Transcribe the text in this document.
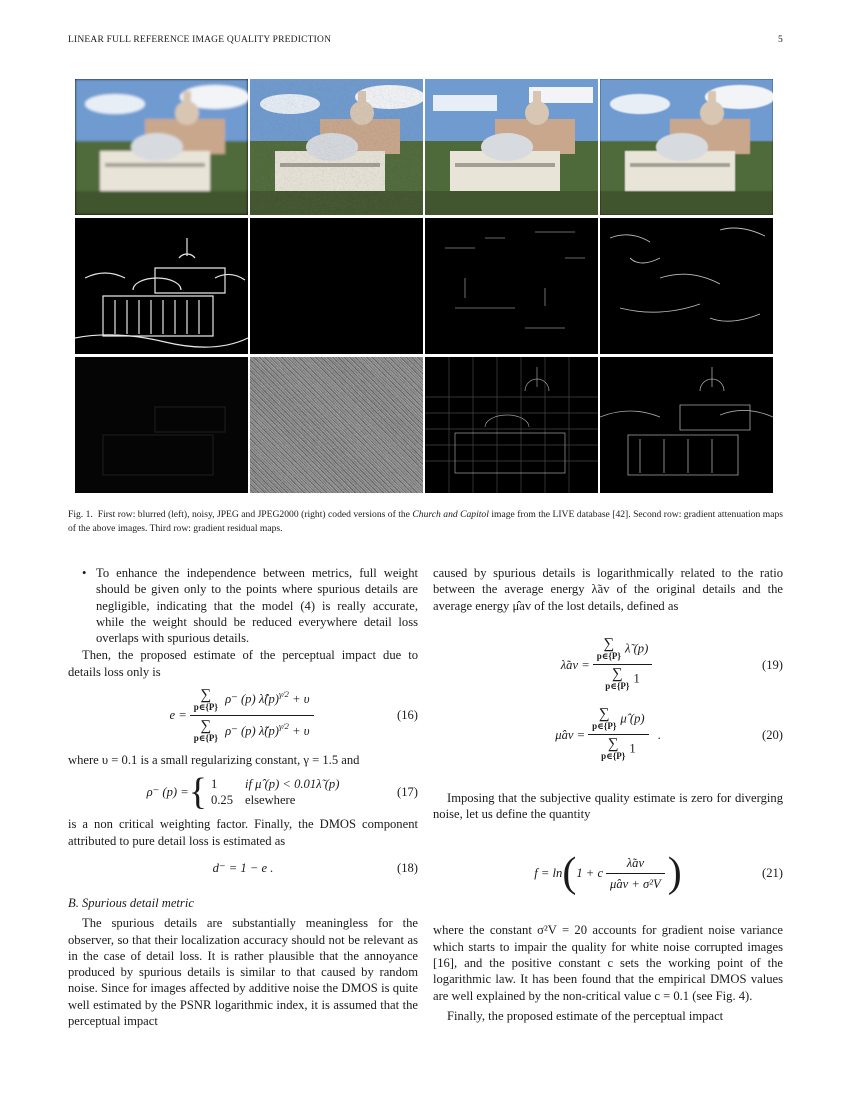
LINEAR FULL REFERENCE IMAGE QUALITY PREDICTION	5
Fig. 1. First row: blurred (left), noisy, JPEG and JPEG2000 (right) coded versions of the Church and Capitol image from the LIVE database [42]. Second row: gradient attenuation maps of the above images. Third row: gradient residual maps.
• To enhance the independence between metrics, full weight should be given only to the points where spurious details are negligible, indicating that the model (4) is really accurate, while the weight should be reduced everywhere detail loss overlaps with spurious details.

Then, the proposed estimate of the perceptual impact due to details loss only is

e = ∑
p∈{P}
ρ⁻ (p) $\lambdâ(p)^{\gamma/2} + \upsilon$
∑
p∈{P}
ρ⁻ (p) $\lambdã(p)^{\gamma/2} + \upsilon$	(16)

where υ = 0.1 is a small regularizing constant, γ = 1.5 and

ρ⁻ (p) = { 1 if μ̂ (p) < 0.01λ̃ (p)
0.25 elsewhere
(17)

is a non critical weighting factor. Finally, the DMOS component attributed to pure detail loss is estimated as

d⁻ = 1 − e .	(18)

B. Spurious detail metric

The spurious details are substantially meaningless for the observer, so that their localization accuracy should not be relevant as in the case of detail loss. It is rather plausible that the annoyance produced by spurious details is similar to that caused by random noise. Since for images affected by additive noise the DMOS is quite well estimated by the PSNR logarithmic index, it is assumed that the perceptual impact

caused by spurious details is logarithmically related to the ratio between the average energy λ̃av of the original details and the average energy μ̂av of the lost details, defined as

λ̃av = ∑
p∈{P}
λ̃ (p)
∑
p∈{P}
1	(19)
μ̂av = ∑
p∈{P}
μ̂ (p)
∑
p∈{P}
1 .	(20)

Imposing that the subjective quality estimate is zero for diverging noise, let us define the quantity

f = ln ( 1 + c $\frac{\lambdãav}{\text{μ̂av + σ²V}}$ )	(21)

where the constant σ²V = 20 accounts for gradient noise variance which starts to impair the quality for white noise corrupted images [16], and the positive constant c sets the working point of the logarithmic law. It has been found that the empirical DMOS values are well explained by the non-critical value c = 0.1 (see Fig. 4).

Finally, the proposed estimate of the perceptual impact
